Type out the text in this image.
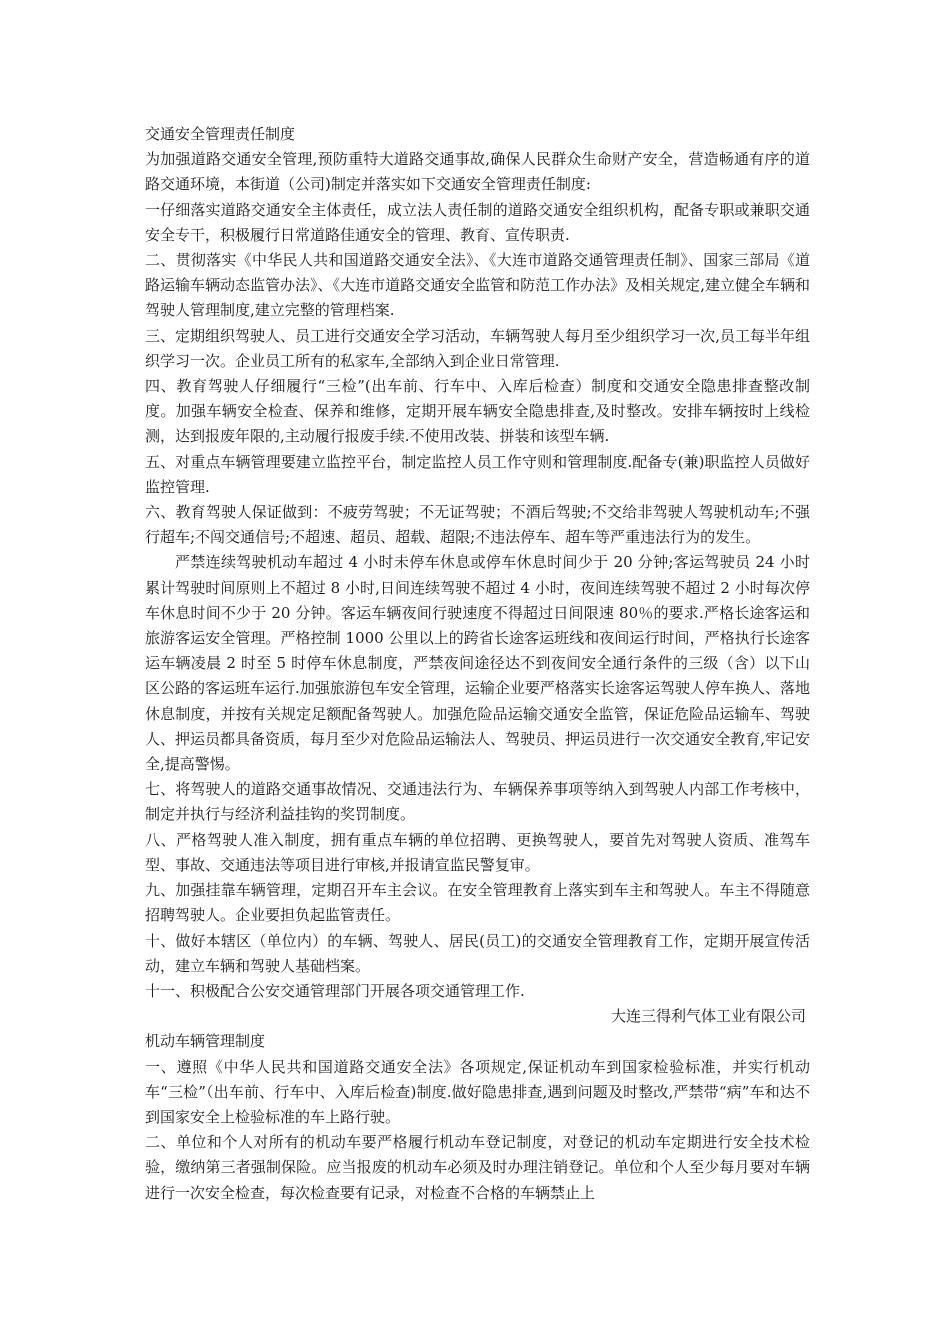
交通安全管理责任制度

为加强道路交通安全管理,预防重特大道路交通事故,确保人民群众生命财产安全，营造畅通有序的道路交通环境，本街道（公司)制定并落实如下交通安全管理责任制度:

一仔细落实道路交通安全主体责任，成立法人责任制的道路交通安全组织机构，配备专职或兼职交通安全专干，积极履行日常道路佳通安全的管理、教育、宣传职责.

二、贯彻落实《中华民人共和国道路交通安全法》、《大连市道路交通管理责任制》、国家三部局《道路运输车辆动态监管办法》、《大连市道路交通安全监管和防范工作办法》及相关规定,建立健全车辆和驾驶人管理制度,建立完整的管理档案.

三、定期组织驾驶人、员工进行交通安全学习活动，车辆驾驶人每月至少组织学习一次,员工每半年组织学习一次。企业员工所有的私家车,全部纳入到企业日常管理.

四、教育驾驶人仔细履行“三检”(出车前、行车中、入库后检查）制度和交通安全隐患排查整改制度。加强车辆安全检查、保养和维修，定期开展车辆安全隐患排查,及时整改。安排车辆按时上线检测，达到报废年限的,主动履行报废手续.不使用改装、拼装和该型车辆.

五、对重点车辆管理要建立监控平台，制定监控人员工作守则和管理制度.配备专(兼)职监控人员做好监控管理.

六、教育驾驶人保证做到：不疲劳驾驶；不无证驾驶；不酒后驾驶;不交给非驾驶人驾驶机动车;不强行超车;不闯交通信号;不超速、超员、超载、超限;不违法停车、超车等严重违法行为的发生。

严禁连续驾驶机动车超过 4 小时未停车休息或停车休息时间少于 20 分钟;客运驾驶员 24 小时累计驾驶时间原则上不超过 8 小时,日间连续驾驶不超过 4 小时，夜间连续驾驶不超过 2 小时每次停车休息时间不少于 20 分钟。客运车辆夜间行驶速度不得超过日间限速 80％的要求.严格长途客运和旅游客运安全管理。严格控制 1000 公里以上的跨省长途客运班线和夜间运行时间，严格执行长途客运车辆凌晨 2 时至 5 时停车休息制度，严禁夜间途径达不到夜间安全通行条件的三级（含）以下山区公路的客运班车运行.加强旅游包车安全管理，运输企业要严格落实长途客运驾驶人停车换人、落地休息制度，并按有关规定足额配备驾驶人。加强危险品运输交通安全监管，保证危险品运输车、驾驶人、押运员都具备资质，每月至少对危险品运输法人、驾驶员、押运员进行一次交通安全教育,牢记安全,提高警惕。

七、将驾驶人的道路交通事故情况、交通违法行为、车辆保养事项等纳入到驾驶人内部工作考核中，制定并执行与经济利益挂钩的奖罚制度。

八、严格驾驶人准入制度，拥有重点车辆的单位招聘、更换驾驶人，要首先对驾驶人资质、准驾车型、事故、交通违法等项目进行审核,并报请宣监民警复审。

九、加强挂靠车辆管理，定期召开车主会议。在安全管理教育上落实到车主和驾驶人。车主不得随意招聘驾驶人。企业要担负起监管责任。

十、做好本辖区（单位内）的车辆、驾驶人、居民(员工)的交通安全管理教育工作，定期开展宣传活动，建立车辆和驾驶人基础档案。

十一、积极配合公安交通管理部门开展各项交通管理工作.

大连三得利气体工业有限公司

机动车辆管理制度

一、遵照《中华人民共和国道路交通安全法》各项规定,保证机动车到国家检验标准，并实行机动车“三检”（出车前、行车中、入库后检查)制度.做好隐患排查,遇到问题及时整改,严禁带“病”车和达不到国家安全上检验标准的车上路行驶。

二、单位和个人对所有的机动车要严格履行机动车登记制度，对登记的机动车定期进行安全技术检验，缴纳第三者强制保险。应当报废的机动车必须及时办理注销登记。单位和个人至少每月要对车辆进行一次安全检查，每次检查要有记录，对检查不合格的车辆禁止上
